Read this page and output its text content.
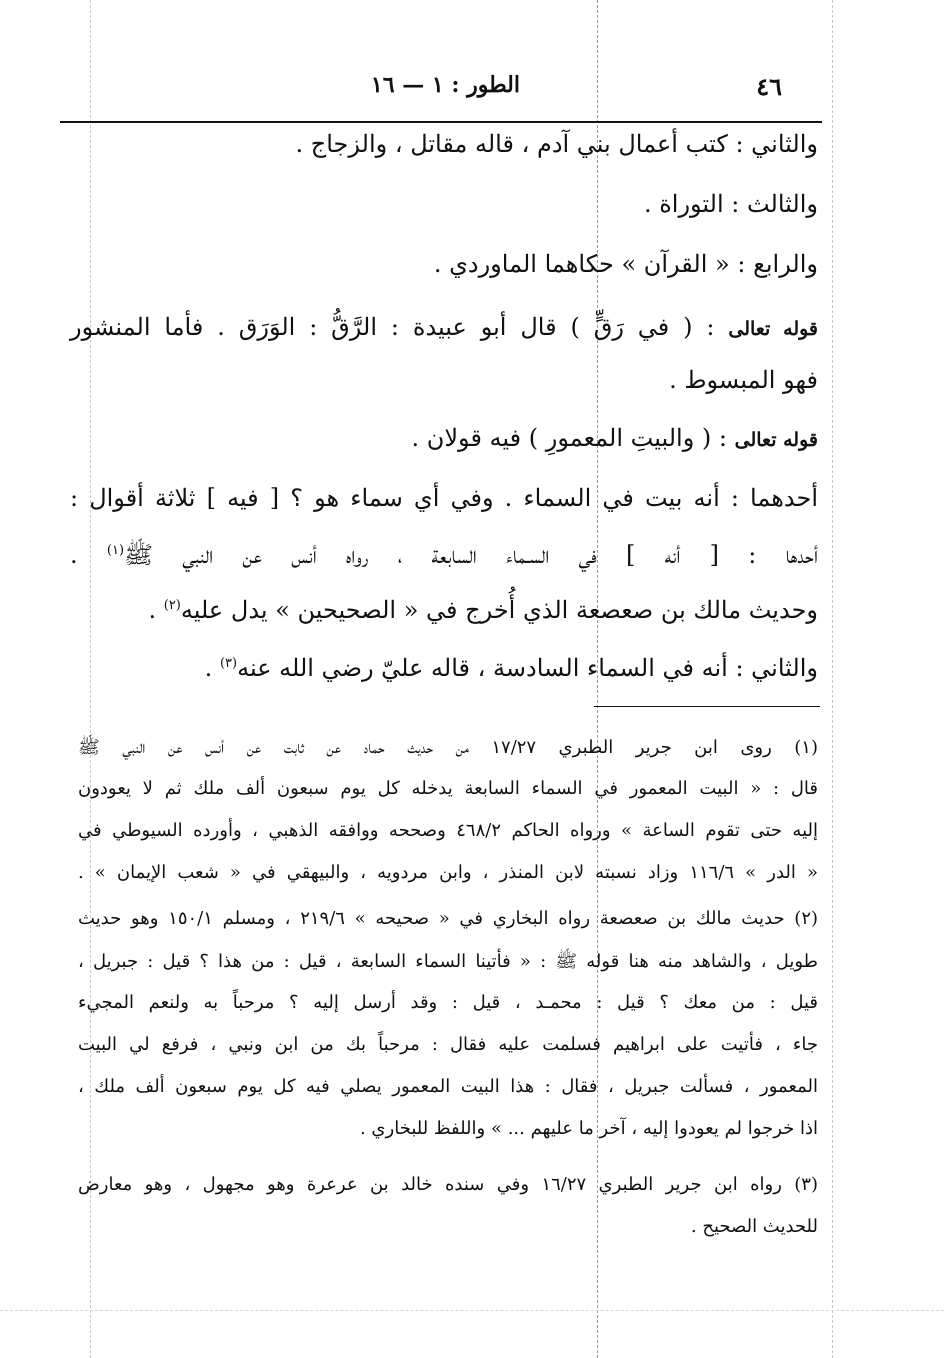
٤٦
الطور : ١ — ١٦
والثاني : كتب أعمال بني آدم ، قاله مقاتل ، والزجاج .
والثالث : التوراة .
والرابع : « القرآن » حكاهما الماوردي .
قوله تعالى : ( في رَقٍّ ) قال أبو عبيدة : الرَّقُّ : الوَرَق . فأما المنشور
فهو المبسوط .
قوله تعالى : ( والبيتِ المعمورِ ) فيه قولان .
أحدهما : أنه بيت في السماء . وفي أي سماء هو ؟ [ فيه ] ثلاثة أقوال :
أحدها : [ أنه ] في السـماء السابعة ، رواه أنس عن النبي ﷺ$^{(١)}$ .
وحديث مالك بن صعصعة الذي أُخرج في « الصحيحين » يدل عليه$^{(٢)}$ .
والثاني : أنه في السماء السادسة ، قاله عليّ رضي الله عنه$^{(٣)}$ .
(١) روى ابن جرير الطبري ١٧/٢٧ من حديث حماد عن ثابت عن أنس عن النبي ﷺ
قال : « البيت المعمور في السماء السابعة يدخله كل يوم سبعون ألف ملك ثم لا يعودون
إليه حتى تقوم الساعة » ورواه الحاكم ٤٦٨/٢ وصححه ووافقه الذهبي ، وأورده السيوطي في
« الدر » ١١٦/٦ وزاد نسبته لابن المنذر ، وابن مردويه ، والبيهقي في « شعب الإيمان » .
(٢) حديث مالك بن صعصعة رواه البخاري في « صحيحه » ٢١٩/٦ ، ومسلم ١٥٠/١ وهو حديث
طويل ، والشاهد منه هنا قوله ﷺ : « فأتينا السماء السابعة ، قيل : من هذا ؟ قيل : جبريل ،
قيل : من معك ؟ قيل : محمـد ، قيل : وقد أرسل إليه ؟ مرحباً به ولنعم المجيء
جاء ، فأتيت على ابراهيم فسلمت عليه فقال : مرحباً بك من ابن ونبي ، فرفع لي البيت
المعمور ، فسألت جبريل ، فقال : هذا البيت المعمور يصلي فيه كل يوم سبعون ألف ملك ،
اذا خرجوا لم يعودوا إليه ، آخر ما عليهم ... » واللفظ للبخاري .
(٣) رواه ابن جرير الطبري ١٦/٢٧ وفي سنده خالد بن عرعرة وهو مجهول ، وهو معارض
للحديث الصحيح .
